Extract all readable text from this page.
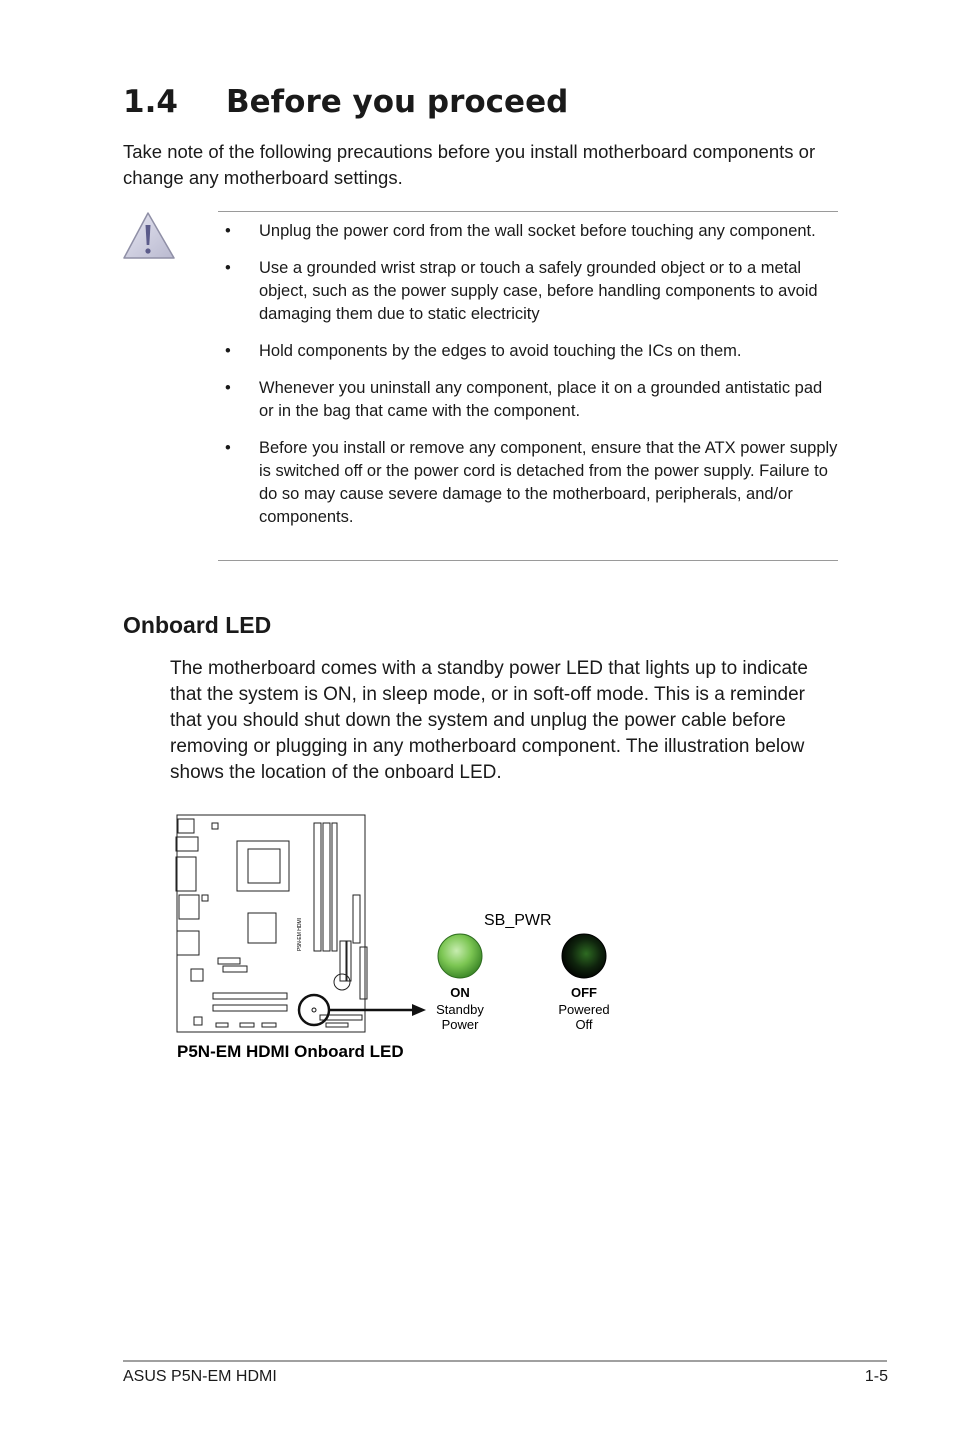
1.4 Before you proceed
Take note of the following precautions before you install motherboard components or change any motherboard settings.
• Unplug the power cord from the wall socket before touching any component.
• Use a grounded wrist strap or touch a safely grounded object or to a metal object, such as the power supply case, before handling components to avoid damaging them due to static electricity
• Hold components by the edges to avoid touching the ICs on them.
• Whenever you uninstall any component, place it on a grounded antistatic pad or in the bag that came with the component.
• Before you install or remove any component, ensure that the ATX power supply is switched off or the power cord is detached from the power supply. Failure to do so may cause severe damage to the motherboard, peripherals, and/or components.
Onboard LED
The motherboard comes with a standby power LED that lights up to indicate that the system is ON, in sleep mode, or in soft-off mode. This is a reminder that you should shut down the system and unplug the power cable before removing or plugging in any motherboard component. The illustration below shows the location of the onboard LED.
P5N-EM HDMI	SB_PWR
ON
Standby
Power
OFF
Powered
Off
P5N-EM HDMI Onboard LED
ASUS P5N-EM HDMI	1-5
